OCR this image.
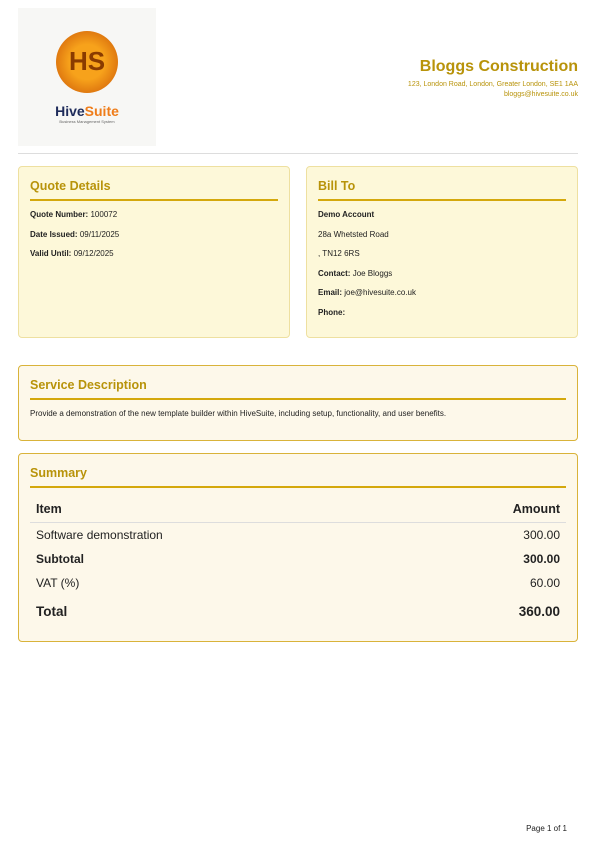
HS
HiveSuite
Business Management System
Bloggs Construction
123, London Road, London, Greater London, SE1 1AA
bloggs@hivesuite.co.uk
Quote Details
Quote Number: 100072
Date Issued: 09/11/2025
Valid Until: 09/12/2025
Bill To
Demo Account
28a Whetsted Road
, TN12 6RS
Contact: Joe Bloggs
Email: joe@hivesuite.co.uk
Phone:
Service Description
Provide a demonstration of the new template builder within HiveSuite, including setup, functionality, and user benefits.
Summary
Item	Amount
Software demonstration	300.00
Subtotal	300.00
VAT (%)	60.00
Total	360.00
Page 1 of 1
